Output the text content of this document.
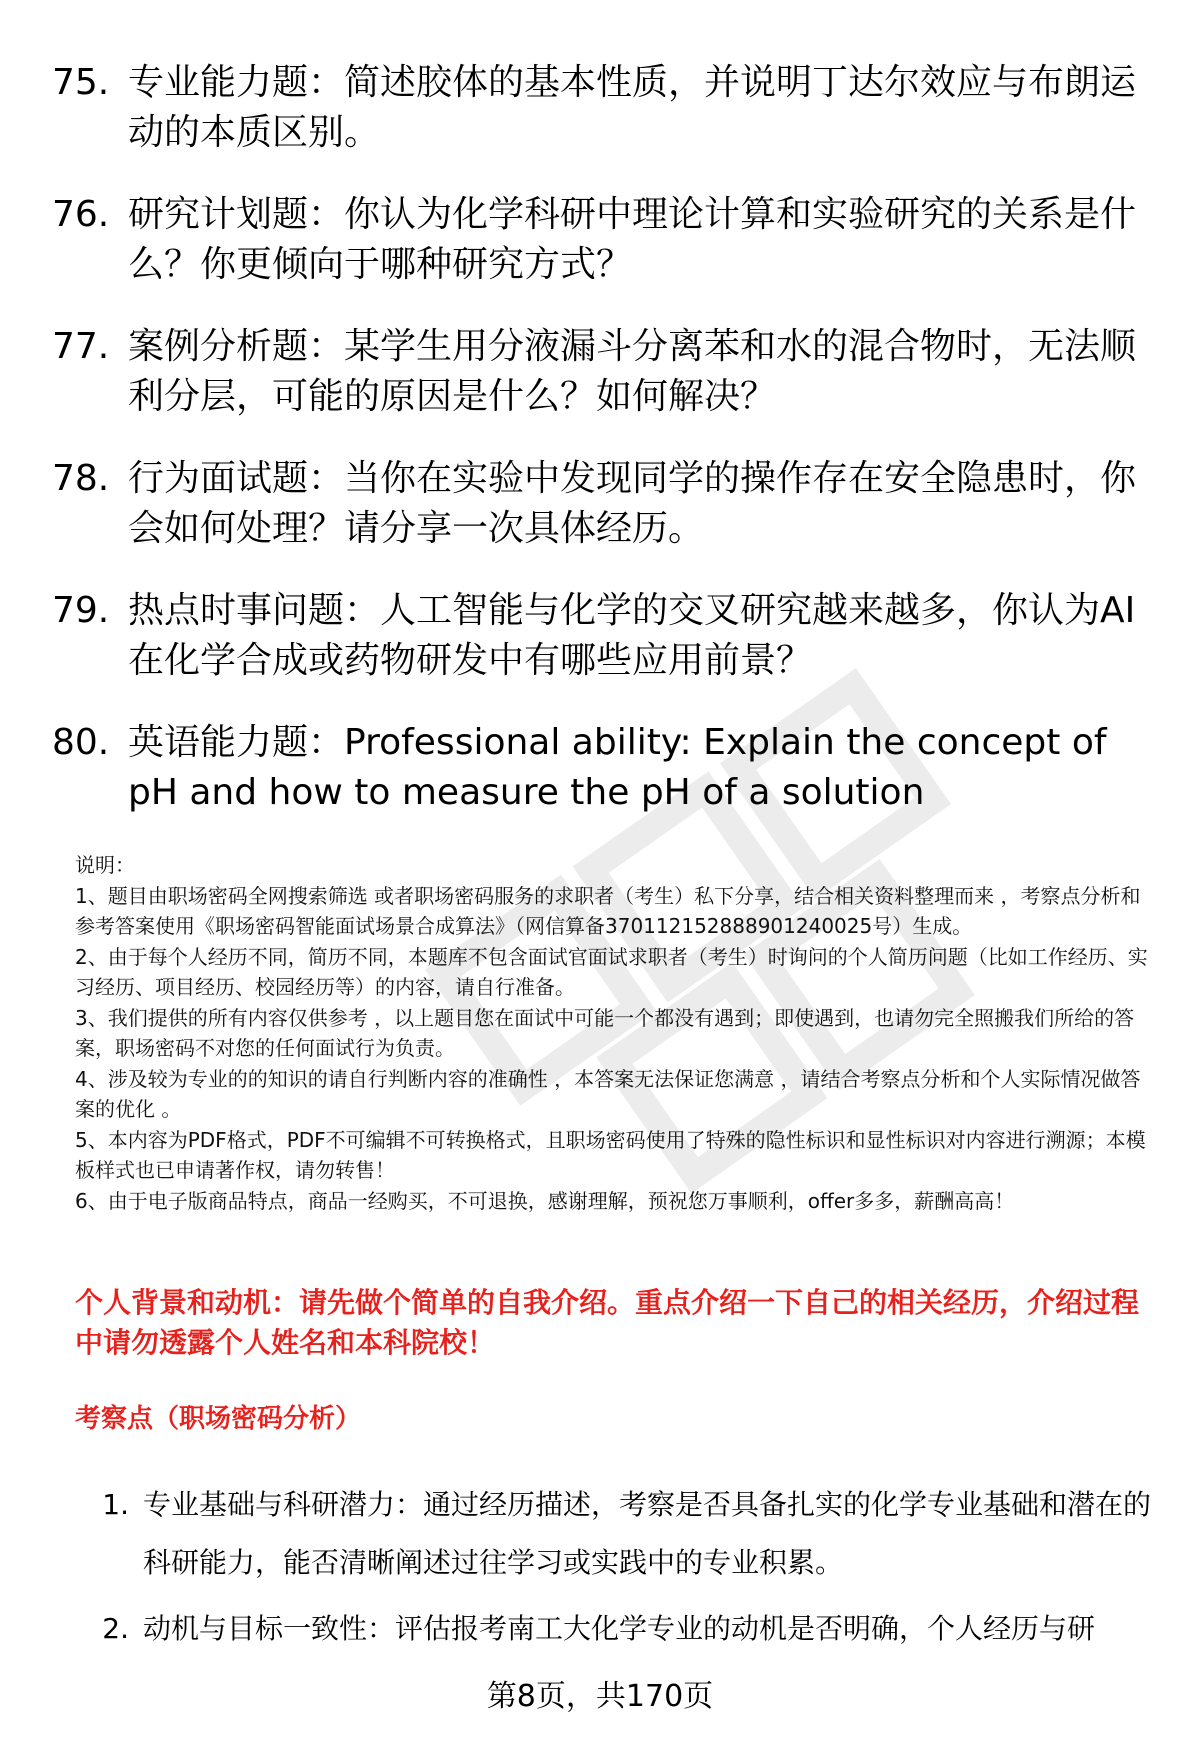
75. 专业能力题：简述胶体的基本性质，并说明丁达尔效应与布朗运动的本质区别。
76. 研究计划题：你认为化学科研中理论计算和实验研究的关系是什么？你更倾向于哪种研究方式？
77. 案例分析题：某学生用分液漏斗分离苯和水的混合物时，无法顺利分层，可能的原因是什么？如何解决？
78. 行为面试题：当你在实验中发现同学的操作存在安全隐患时，你会如何处理？请分享一次具体经历。
79. 热点时事问题：人工智能与化学的交叉研究越来越多，你认为AI在化学合成或药物研发中有哪些应用前景？
80. 英语能力题：Professional ability: Explain the concept of pH and how to measure the pH of a solution

说明：

1、题目由职场密码全网搜索筛选 或者职场密码服务的求职者（考生）私下分享，结合相关资料整理而来 ，考察点分析和参考答案使用《职场密码智能面试场景合成算法》（网信算备370112152888901240025号）生成。

2、由于每个人经历不同，简历不同，本题库不包含面试官面试求职者（考生）时询问的个人简历问题（比如工作经历、实习经历、项目经历、校园经历等）的内容，请自行准备。

3、我们提供的所有内容仅供参考 ，以上题目您在面试中可能一个都没有遇到；即使遇到，也请勿完全照搬我们所给的答案，职场密码不对您的任何面试行为负责。

4、涉及较为专业的的知识的请自行判断内容的准确性 ，本答案无法保证您满意 ，请结合考察点分析和个人实际情况做答案的优化 。

5、本内容为PDF格式，PDF不可编辑不可转换格式，且职场密码使用了特殊的隐性标识和显性标识对内容进行溯源；本模板样式也已申请著作权，请勿转售！

6、由于电子版商品特点，商品一经购买，不可退换，感谢理解，预祝您万事顺利，offer多多，薪酬高高！

个人背景和动机：请先做个简单的自我介绍。重点介绍一下自己的相关经历，介绍过程中请勿透露个人姓名和本科院校！
考察点（职场密码分析）
1. 专业基础与科研潜力：通过经历描述，考察是否具备扎实的化学专业基础和潜在的科研能力，能否清晰阐述过往学习或实践中的专业积累。
2. 动机与目标一致性：评估报考南工大化学专业的动机是否明确，个人经历与研
第8页，共170页
